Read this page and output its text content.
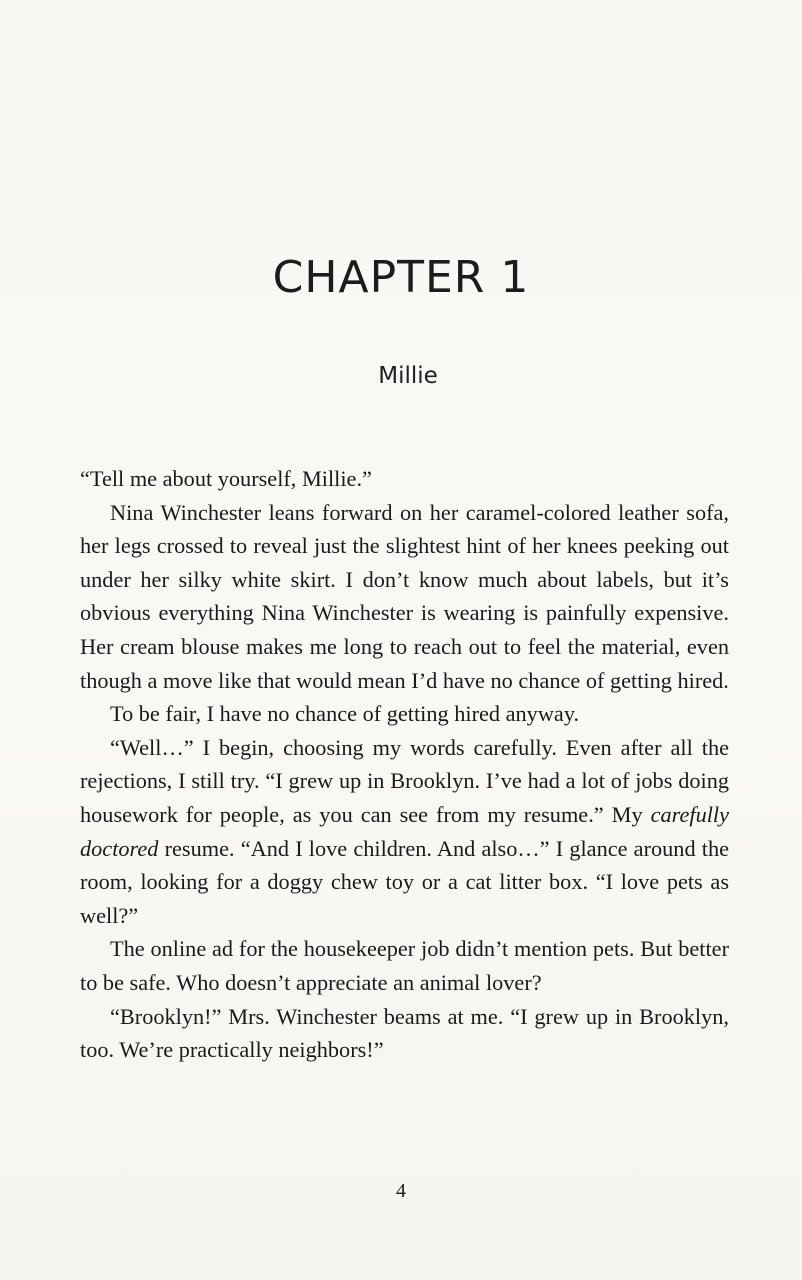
CHAPTER 1
Millie

“Tell me about yourself, Millie.”

Nina Winchester leans forward on her caramel-colored leather sofa, her legs crossed to reveal just the slightest hint of her knees peeking out under her silky white skirt. I don’t know much about labels, but it’s obvious everything Nina Winchester is wearing is painfully expensive. Her cream blouse makes me long to reach out to feel the material, even though a move like that would mean I’d have no chance of getting hired.

To be fair, I have no chance of getting hired anyway.

“Well…” I begin, choosing my words carefully. Even after all the rejections, I still try. “I grew up in Brooklyn. I’ve had a lot of jobs doing housework for people, as you can see from my resume.” My carefully doctored resume. “And I love children. And also…” I glance around the room, looking for a doggy chew toy or a cat litter box. “I love pets as well?”

The online ad for the housekeeper job didn’t mention pets. But better to be safe. Who doesn’t appreciate an animal lover?

“Brooklyn!” Mrs. Winchester beams at me. “I grew up in Brooklyn, too. We’re practically neighbors!”

4
